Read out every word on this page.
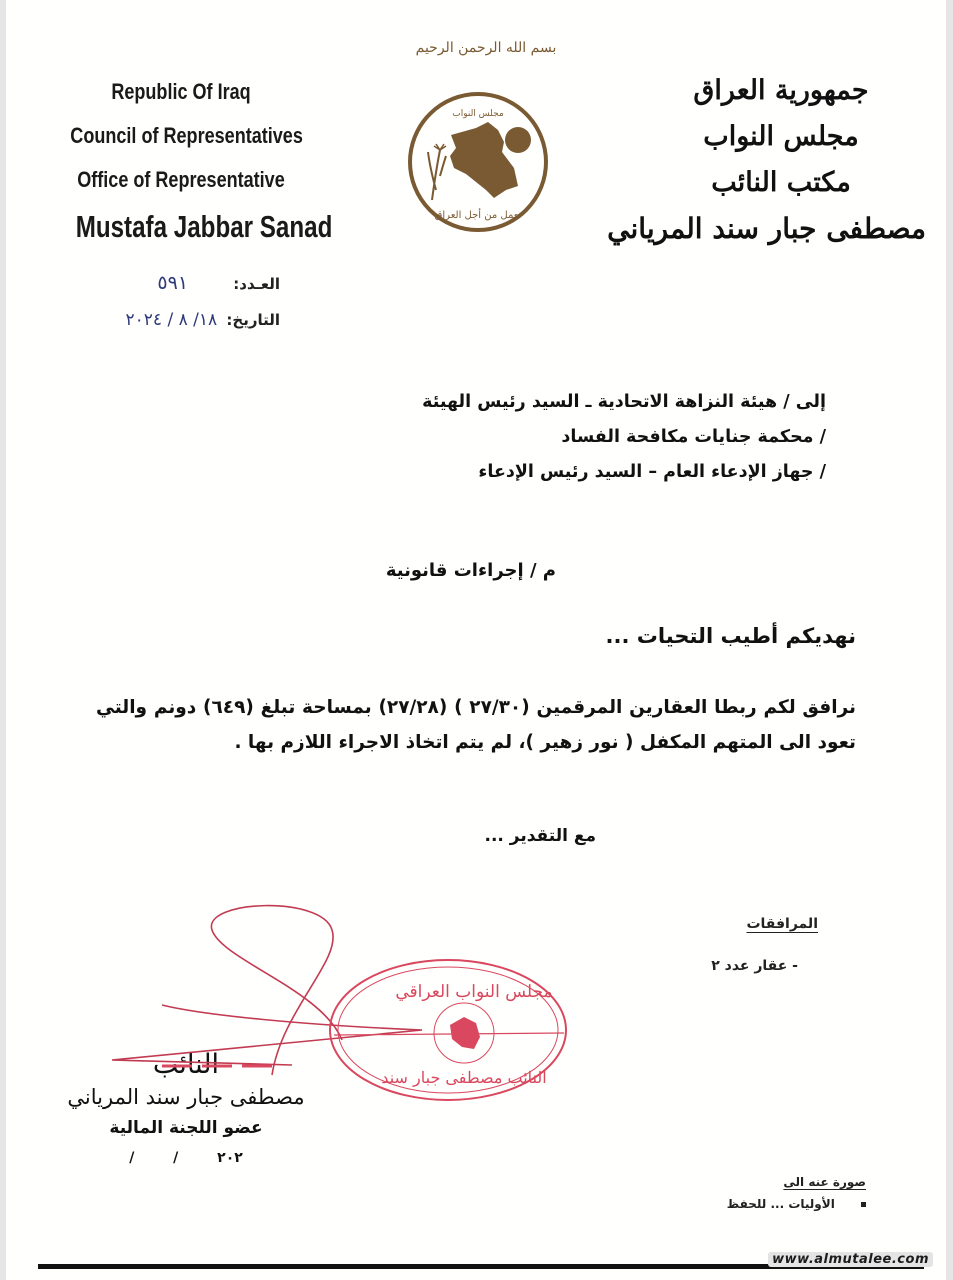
Republic Of Iraq
Council of Representatives
Office of Representative
Mustafa Jabbar Sanad
بسم الله الرحمن الرحيم
مجلس النواب
نعمل من أجل العراق
جمهورية العراق
مجلس النواب
مكتب النائب
مصطفى جبار سند المرياني
العـدد: ٥٩١
التاريخ: ١٨/ ٨ / ٢٠٢٤
إلى / هيئة النزاهة الاتحادية ـ السيد رئيس الهيئة
/ محكمة جنايات مكافحة الفساد
/ جهاز الإدعاء العام – السيد رئيس الإدعاء
م / إجراءات قانونية
نهديكم أطيب التحيات ...
نرافق لكم ربطا العقارين المرقمين (٢٧/٣٠ ) (٢٧/٢٨) بمساحة تبلغ (٦٤٩) دونم والتي تعود الى المتهم المكفل ( نور زهير )، لم يتم اتخاذ الاجراء اللازم بها .
مع التقدير ...
المرافقات
- عقار عدد ٢
النائب
مصطفى جبار سند المرياني
عضو اللجنة المالية
/ / ٢٠٢
مجلس النواب العراقي
النائب مصطفى جبار سند
صورة عنه الى
الأوليات ... للحفظ
www.almutalee.com
